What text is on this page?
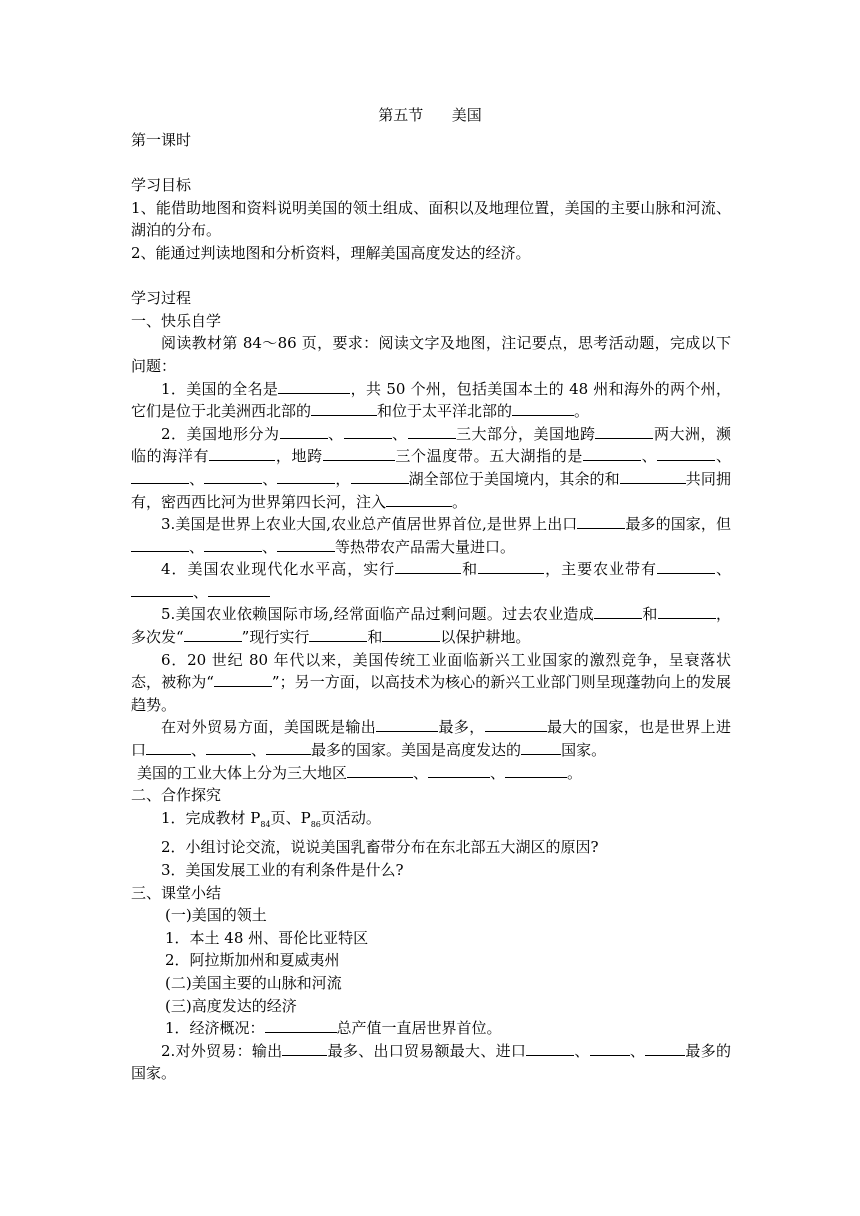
第五节      美国

第一课时

学习目标

1、能借助地图和资料说明美国的领土组成、面积以及地理位置，美国的主要山脉和河流、湖泊的分布。

2、能通过判读地图和分析资料，理解美国高度发达的经济。

学习过程

一、快乐自学

阅读教材第 84～86 页，要求：阅读文字及地图，注记要点，思考活动题，完成以下问题：

1．美国的全名是	，共 50 个州，包括美国本土的 48 州和海外的两个州，它们是位于北美洲西北部的	和位于太平洋北部的	。

2．美国地形分为	、	、	三大部分，美国地跨	两大洲，濒临的海洋有	，地跨	三个温度带。五大湖指的是	、	、、	、	，	湖全部位于美国境内，其余的和	共同拥有，密西西比河为世界第四长河，注入	。

3.美国是世界上农业大国,农业总产值居世界首位,是世界上出口	最多的国家，但、	、	等热带农产品需大量进口。

4．美国农业现代化水平高，实行	和	，主要农业带有	、、

5.美国农业依赖国际市场,经常面临产品过剩问题。过去农业造成	和	，多次发“	”现行实行	和	以保护耕地。

6．20 世纪 80 年代以来，美国传统工业面临新兴工业国家的激烈竞争，呈衰落状态，被称为“	”；另一方面，以高技术为核心的新兴工业部门则呈现蓬勃向上的发展趋势。

在对外贸易方面，美国既是输出	最多，	最大的国家，也是世界上进口	、	、	最多的国家。美国是高度发达的	国家。

美国的工业大体上分为三大地区	、	、	。

二、合作探究

1．完成教材 $P_{84}$页、$P_{86}$页活动。

2．小组讨论交流，说说美国乳畜带分布在东北部五大湖区的原因?

3．美国发展工业的有利条件是什么?

三、课堂小结

(一)美国的领土

1．本土 48 州、哥伦比亚特区

2．阿拉斯加州和夏威夷州

(二)美国主要的山脉和河流

(三)高度发达的经济

1．经济概况：	总产值一直居世界首位。

2.对外贸易：输出	最多、出口贸易额最大、进口	、	、	最多的国家。
